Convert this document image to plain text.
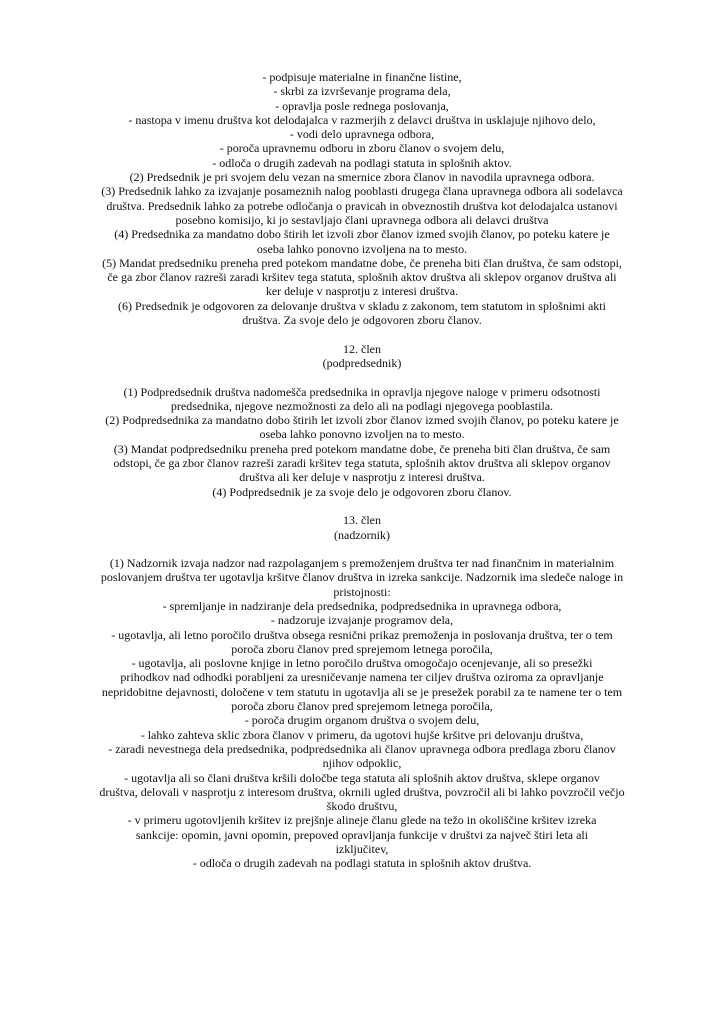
- podpisuje materialne in finančne listine,

- skrbi za izvrševanje programa dela,

- opravlja posle rednega poslovanja,

- nastopa v imenu društva kot delodajalca v razmerjih z delavci društva in usklajuje njihovo delo,

- vodi delo upravnega odbora,

- poroča upravnemu odboru in zboru članov o svojem delu,

- odloča o drugih zadevah na podlagi statuta in splošnih aktov.

(2) Predsednik je pri svojem delu vezan na smernice zbora članov in navodila upravnega odbora.

(3) Predsednik lahko za izvajanje posameznih nalog pooblasti drugega člana upravnega odbora ali sodelavca

društva. Predsednik lahko za potrebe odločanja o pravicah in obveznostih društva kot delodajalca ustanovi

posebno komisijo, ki jo sestavljajo člani upravnega odbora ali delavci društva

(4) Predsednika za mandatno dobo štirih let izvoli zbor članov izmed svojih članov, po poteku katere je

oseba lahko ponovno izvoljena na to mesto.

(5) Mandat predsedniku preneha pred potekom mandatne dobe, če preneha biti član društva, če sam odstopi,

če ga zbor članov razreši zaradi kršitev tega statuta, splošnih aktov društva ali sklepov organov društva ali

ker deluje v nasprotju z interesi društva.

(6) Predsednik je odgovoren za delovanje društva v skladu z zakonom, tem statutom in splošnimi akti

društva. Za svoje delo je odgovoren zboru članov.

12. člen

(podpredsednik)

(1) Podpredsednik društva nadomešča predsednika in opravlja njegove naloge v primeru odsotnosti

predsednika, njegove nezmožnosti za delo ali na podlagi njegovega pooblastila.

(2) Podpredsednika za mandatno dobo štirih let izvoli zbor članov izmed svojih članov, po poteku katere je

oseba lahko ponovno izvoljen na to mesto.

(3) Mandat podpredsedniku preneha pred potekom mandatne dobe, če preneha biti član društva, če sam

odstopi, če ga zbor članov razreši zaradi kršitev tega statuta, splošnih aktov društva ali sklepov organov

društva ali ker deluje v nasprotju z interesi društva.

(4) Podpredsednik je za svoje delo je odgovoren zboru članov.

13. člen

(nadzornik)

(1) Nadzornik izvaja nadzor nad razpolaganjem s premoženjem društva ter nad finančnim in materialnim

poslovanjem društva ter ugotavlja kršitve članov društva in izreka sankcije. Nadzornik ima sledeče naloge in

pristojnosti:

- spremljanje in nadziranje dela predsednika, podpredsednika in upravnega odbora,

- nadzoruje izvajanje programov dela,

- ugotavlja, ali letno poročilo društva obsega resnični prikaz premoženja in poslovanja društva, ter o tem

poroča zboru članov pred sprejemom letnega poročila,

- ugotavlja, ali poslovne knjige in letno poročilo društva omogočajo ocenjevanje, ali so presežki

prihodkov nad odhodki porabljeni za uresničevanje namena ter ciljev društva oziroma za opravljanje

nepridobitne dejavnosti, določene v tem statutu in ugotavlja ali se je presežek porabil za te namene ter o tem

poroča zboru članov pred sprejemom letnega poročila,

- poroča drugim organom društva o svojem delu,

- lahko zahteva sklic zbora članov v primeru, da ugotovi hujše kršitve pri delovanju društva,

- zaradi nevestnega dela predsednika, podpredsednika ali članov upravnega odbora predlaga zboru članov

njihov odpoklic,

- ugotavlja ali so člani društva kršili določbe tega statuta ali splošnih aktov društva, sklepe organov

društva, delovali v nasprotju z interesom društva, okrnili ugled društva, povzročil ali bi lahko povzročil večjo

škodo društvu,

- v primeru ugotovljenih kršitev iz prejšnje alineje članu glede na težo in okoliščine kršitev izreka

sankcije: opomin, javni opomin, prepoved opravljanja funkcije v društvi za največ štiri leta ali

izključitev,

- odloča o drugih zadevah na podlagi statuta in splošnih aktov društva.
